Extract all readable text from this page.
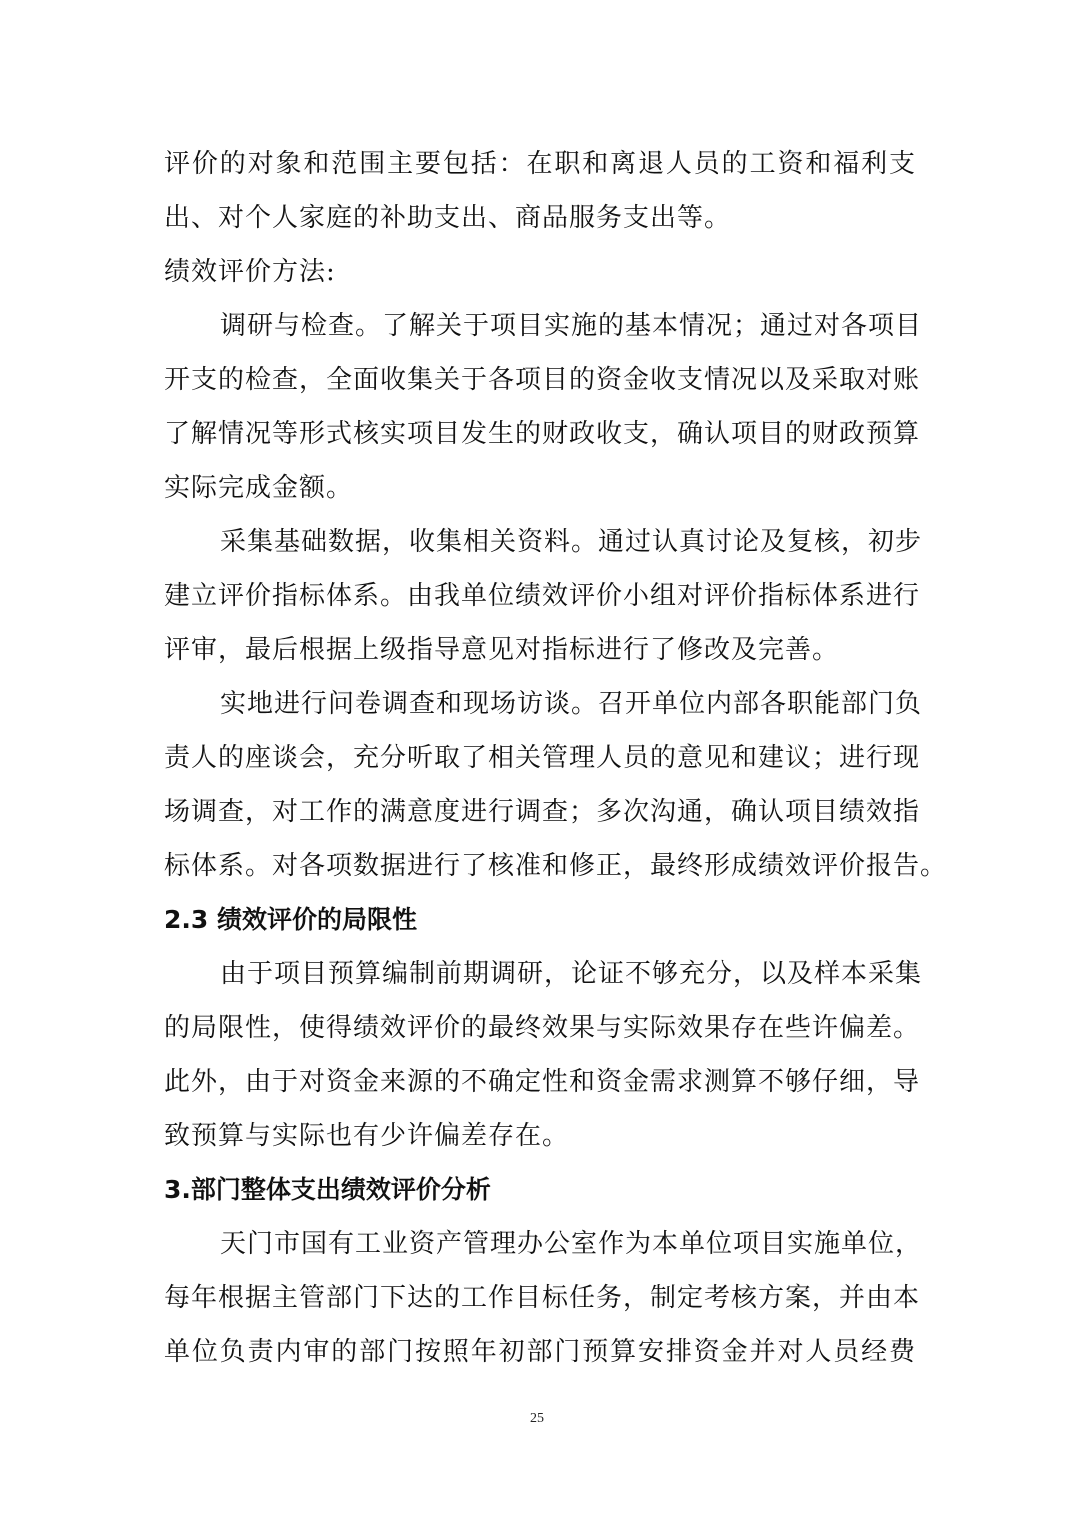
评价的对象和范围主要包括：在职和离退人员的工资和福利支
出、对个人家庭的补助支出、商品服务支出等。
绩效评价方法:
调研与检查。了解关于项目实施的基本情况；通过对各项目
开支的检查，全面收集关于各项目的资金收支情况以及采取对账
了解情况等形式核实项目发生的财政收支，确认项目的财政预算
实际完成金额。
采集基础数据，收集相关资料。通过认真讨论及复核，初步
建立评价指标体系。由我单位绩效评价小组对评价指标体系进行
评审，最后根据上级指导意见对指标进行了修改及完善。
实地进行问卷调查和现场访谈。召开单位内部各职能部门负
责人的座谈会，充分听取了相关管理人员的意见和建议；进行现
场调查，对工作的满意度进行调查；多次沟通，确认项目绩效指
标体系。对各项数据进行了核准和修正，最终形成绩效评价报告。
2.3 绩效评价的局限性
由于项目预算编制前期调研，论证不够充分，以及样本采集
的局限性，使得绩效评价的最终效果与实际效果存在些许偏差。
此外，由于对资金来源的不确定性和资金需求测算不够仔细，导
致预算与实际也有少许偏差存在。
3.部门整体支出绩效评价分析
天门市国有工业资产管理办公室作为本单位项目实施单位，
每年根据主管部门下达的工作目标任务，制定考核方案，并由本
单位负责内审的部门按照年初部门预算安排资金并对人员经费
25
